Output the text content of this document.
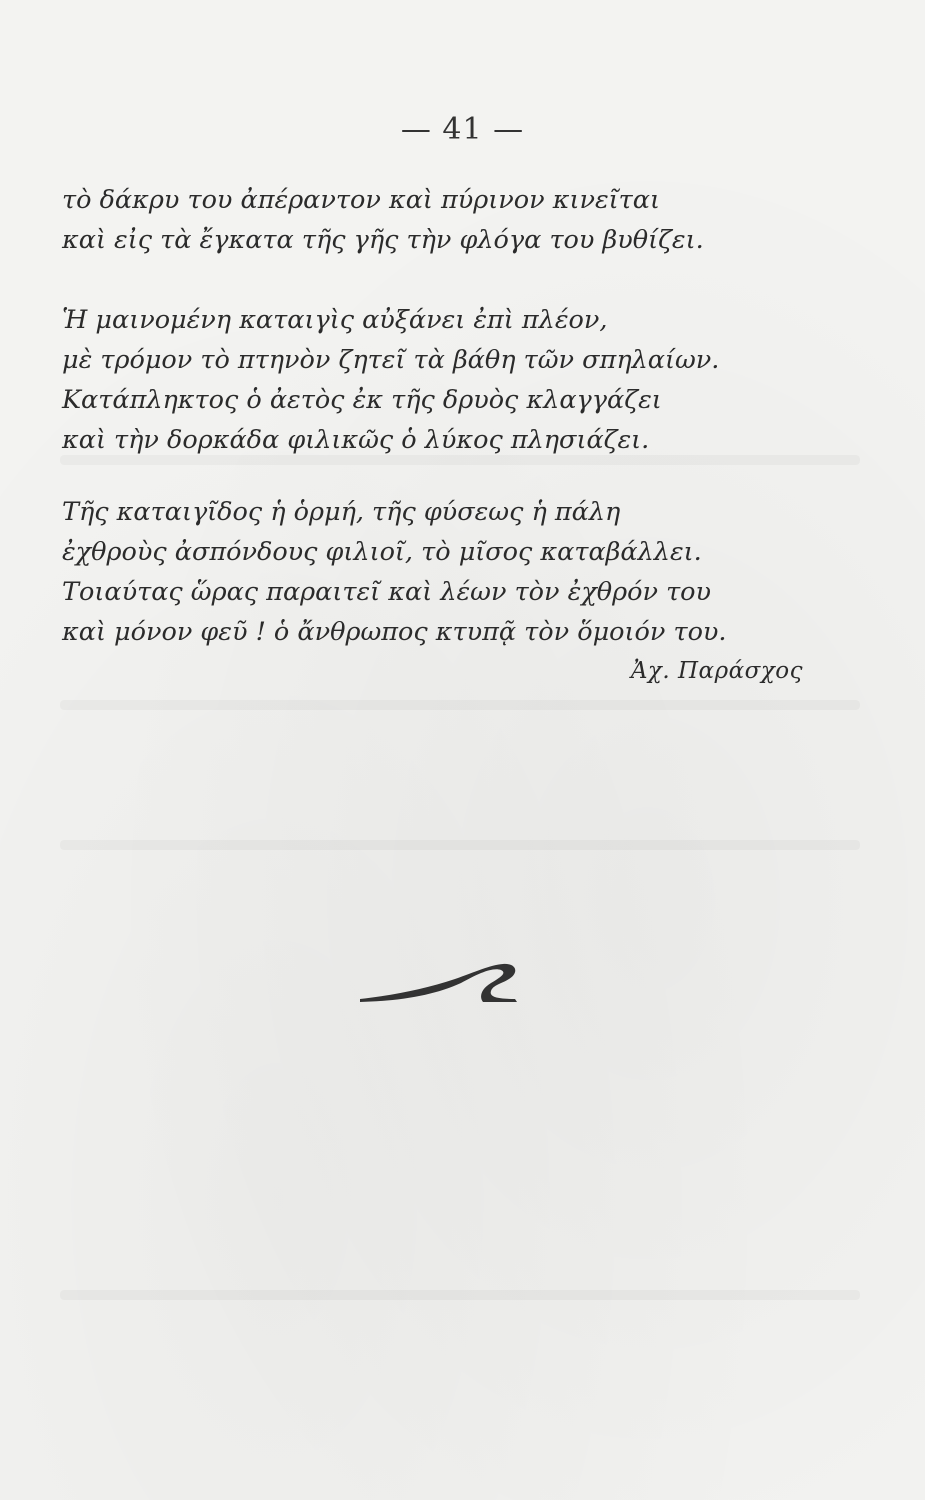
— 41 —
τὸ δάκρυ του ἀπέραντον καὶ πύρινον κινεῖται
καὶ εἰς τὰ ἔγκατα τῆς γῆς τὴν φλόγα του βυθίζει.
Ἡ μαινομένη καταιγὶς αὐξάνει ἐπὶ πλέον,
μὲ τρόμον τὸ πτηνὸν ζητεῖ τὰ βάθη τῶν σπηλαίων.
Κατάπληκτος ὁ ἀετὸς ἐκ τῆς δρυὸς κλαγγάζει
καὶ τὴν δορκάδα φιλικῶς ὁ λύκος πλησιάζει.
Τῆς καταιγῖδος ἡ ὁρμή, τῆς φύσεως ἡ πάλη
ἐχθροὺς ἀσπόνδους φιλιοῖ, τὸ μῖσος καταβάλλει.
Τοιαύτας ὥρας παραιτεῖ καὶ λέων τὸν ἐχθρόν του
καὶ μόνον φεῦ ! ὁ ἄνθρωπος κτυπᾷ τὸν ὅμοιόν του.
Ἀχ. Παράσχος
